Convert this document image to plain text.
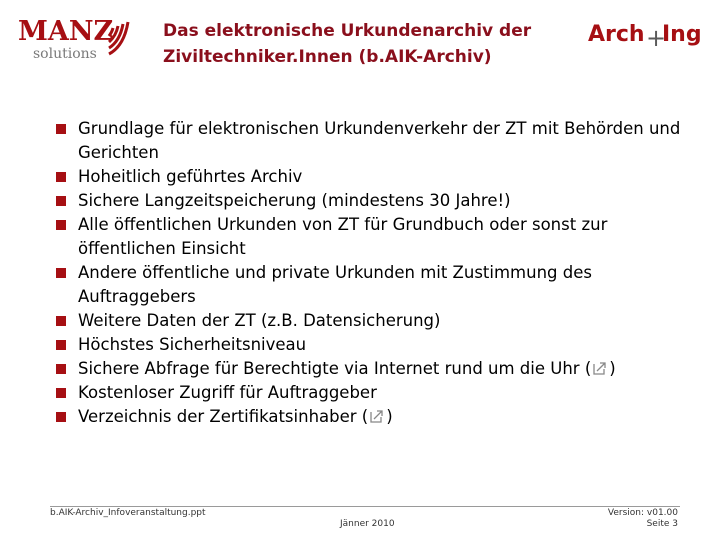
MANZ
solutions
Das elektronische Urkundenarchiv der
Ziviltechniker.Innen (b.AIK-Archiv)
Arch +
Ing
Grundlage für elektronischen Urkundenverkehr der ZT mit Behörden und Gerichten
Hoheitlich geführtes Archiv
Sichere Langzeitspeicherung (mindestens 30 Jahre!)
Alle öffentlichen Urkunden von ZT für Grundbuch oder sonst zur öffentlichen Einsicht
Andere öffentliche und private Urkunden mit Zustimmung des Auftraggebers
Weitere Daten der ZT (z.B. Datensicherung)
Höchstes Sicherheitsniveau
Sichere Abfrage für Berechtigte via Internet rund um die Uhr ( )
Kostenloser Zugriff für Auftraggeber
Verzeichnis der Zertifikatsinhaber ( )
b.AIK-Archiv_Infoveranstaltung.ppt
Jänner 2010
Version: v01.00
Seite 3
